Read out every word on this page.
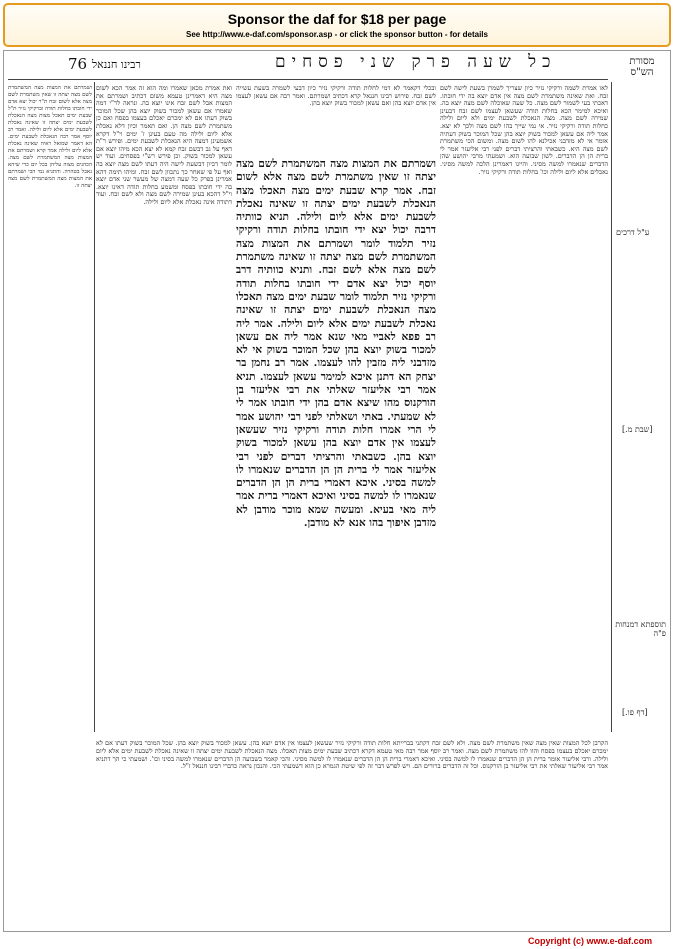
Sponsor the daf for $18 per page
See http://www.e-daf.com/sponsor.asp - or click the sponsor button - for details
76 רבינו חננאל	כל שעה פרק שני פסחים	מסורת הש"ס
ושמרתם את המצות מצה המשתמרת לשם מצה יצתה זו שאין משתמרת לשם מצה אלא לשום זבח ת"ר יכול יצא אדם ידי חובתו בחלות תודה וברקיקי נזיר ת"ל שבעת ימים תאכל מצות מצה הנאכלת לשבעת ימים יצתה זו שאינה נאכלת לשבעת ימים אלא ליום ולילה. ואמר רב יוסף אמר רבה הנאכלת לשבעת ימים. הא דאמר שמואל ראיה שאינה נאכלת אלא ליום ולילה אמר קרא ושמרתם את המצות מצה המשתמרת לשם מצה. הכהנים מצוה עליהן בכל יום כדי שיהא נאכל בטהרה. והתניא נמי הכי ושמרתם את המצות מצה המשתמרת לשם מצה יצתה זו.
ואת אמרת מכאן שאמרו ומה הוא זה אמר הכא לשום מצה היא דאמרינן טעמא משום דכתיב ושמרתם את המצות אבל לשם זבח אינו יוצא בה. ונראה לר"י דמה שאמרו אם עשאן למכור בשוק יוצא בהן שכל המוכר בשוק דעתו אם לא ימכרם יאכלם בעצמו בפסח ואם כן משתמרת לשם מצה הן. ואם תאמר וכיון דלא נאכלת אלא ליום ולילה מה טעם בעינן ז' ימים וי"ל דקרא אשמעינן דמצה היא הנאכלת לשבעת ימים. ופירש ר"ת דאף על גב דבשם זבח קמא לא יצא הכא מיהו יוצא אם עשאן למכור בשוק. וכן פירש רש"י בפסחים. ועוד יש לומר דכיון דבשעת לישה היה דעתו לשם מצה יוצא בה ואף על פי שאחר כך נתכוון לשם זבח. ומיהו תימה דהא אמרינן בפרק כל שעה דמצה של מעשר שני אדם יוצא בה ידי חובתו בפסח ומשמע בחלות תודה דאינו יוצא. וי"ל דהכא בעינן שמירה לשם מצה ולא לשם זבח. ועוד דתודה אינה נאכלת אלא ליום ולילה.
ובכלי דקאמר לא דמי לחלות תודה ורקיקי נזיר כיון דבעי לשמרה בשעת עשייה לשם זבח. פירוש רבינו חננאל קרא דכתיב ושמרתם. ואמר רבה אם עשאן לעצמו אין אדם יוצא בהן ואם עשאן למכור בשוק יוצא בהן.
ושמרתם את המצות מצה המשתמרת לשם מצה יצתה זו שאין משתמרת לשם מצה אלא לשום זבח. אמר קרא שבעת ימים מצה תאכלו מצה הנאכלת לשבעת ימים יצתה זו שאינה נאכלת לשבעת ימים אלא ליום ולילה. תניא כוותיה דרבה יכול יצא ידי חובתו בחלות תודה ורקיקי נזיר תלמוד לומר ושמרתם את המצות מצה המשתמרת לשם מצה יצתה זו שאינה משתמרת לשם מצה אלא לשם זבח. ותניא כוותיה דרב יוסף יכול יצא אדם ידי חובתו בחלות תודה ורקיקי נזיר תלמוד לומר שבעת ימים מצה תאכלו מצה הנאכלת לשבעת ימים יצתה זו שאינה נאכלת לשבעת ימים אלא ליום ולילה. אמר ליה רב פפא לאביי מאי שנא אמר ליה אם עשאן למכור בשוק יוצא בהן שכל המוכר בשוק אי לא מזדבני ליה מזבין להו לעצמו. אמר רב נחמן בר יצחק הא דתנן איכא למימר עשאן לעצמו. תניא אמר רבי אליעזר שאלתי את רבי אליעזר בן הורקנוס מהו שיצא אדם בהן ידי חובתו אמר לי לא שמעתי. באתי ושאלתי לפני רבי יהושע אמר לי הרי אמרו חלות תודה ורקיקי נזיר שעשאן לעצמו אין אדם יוצא בהן עשאן למכור בשוק יוצא בהן. כשבאתי והרציתי דברים לפני רבי אליעזר אמר לי ברית הן הן הדברים שנאמרו לו למשה בסיני. איכא דאמרי ברית הן הן הדברים שנאמרו לו למשה בסיני ואיכא דאמרי ברית אמר ליה מאי בעיא. ומעשה שמא מוכר מודבן לא מזדבן איפוך בהו אנא לא מודבן.
לאו אמרת לשמה ורקיקי נזיר כיון שצריך לשמרן בשעת לישה לשם זבח. ואת שאינה משתמרת לשם מצה אין אדם יוצא בה ידי חובתו. דאכתי בעי לשמור לשם מצה. כל שעה שאוכלה לשם מצה יוצא בה. ואיכא למימר הכא בחלות תודה שעשאן לעצמו לשם זבח דבעינן שמירה לשם מצה. מצה הנאכלת לשבעת ימים ולא ליום ולילה כחלות תודה ורקיקי נזיר. אי נמי שייך בהו לשם מצה ולכך לא יצא. אמר ליה אם עשאן למכור בשוק יוצא בהן שכל המוכר בשוק דעתיה אומר אי לא מזדבני אכילנא להו לשום מצה. ומשום הכי משתמרת לשם מצה היא. כשבאתי והרציתי דברים לפני רבי אליעזר אמר לי ברית הן הן הדברים. לשון שבועה הוא. ושמעתי מרבי יהושע שהן הדברים שנאמרו למשה מסיני. והיינו דאמרינן הלכה למשה מסיני. נאכלים אלא ליום ולילה וכו' בחלות תודה ורקיקי נזיר.
הקרבן לכל המצות שאין מצה שאין משתמרת לשם מצה. ולא לשם זבח דקתני בברייתא חלות תודה ורקיקי נזיר שעשאן לעצמו אין אדם יוצא בהן. עשאן למכור בשוק יוצא בהן. שכל המוכר בשוק דעתו אם לא ימכרם יאכלם בעצמו בפסח והוו להו משתמרת לשם מצה. ואמר רב יוסף אמר רבה מאי טעמא דקרא דכתיב שבעת ימים מצות תאכלו. מצה הנאכלת לשבעת ימים יצתה זו שאינה נאכלת לשבעת ימים אלא ליום ולילה. ורבי אליעזר אומר ברית הן הן הדברים שנאמרו לו למשה בסיני. ואיכא דאמרי ברית הן הן הדברים שנאמרו לו למשה מסיני. והכי קאמר בשבועה הן הדברים שנאמרו למשה בסיני וכו'. ושמעתי כי הך דתניא אמר רבי אליעזר שאלתי את רבי אליעזר בן הורקנוס. וכל זה הדברים ברורים הם. ויש לפרש דבר זה לפי שיטת הגמרא כן הוא דשמעתי הכי. והנכון נראה כדברי רבינו חננאל ז"ל.
ע"ל דרכים
[שבת מ.]
תוספתא דמנחות פ"ה
[דף פו.]
Copyright (c) www.e-daf.com
